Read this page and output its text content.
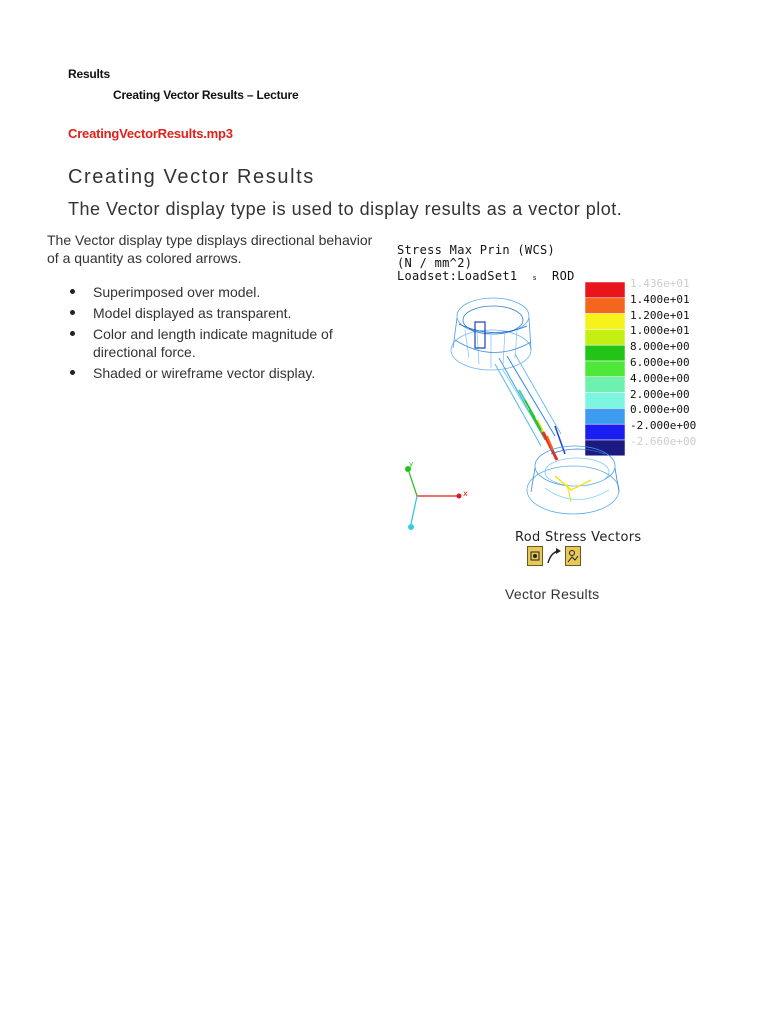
Results
Creating Vector Results – Lecture
CreatingVectorResults.mp3
Creating Vector Results
The Vector display type is used to display results as a vector plot.
The Vector display type displays directional behavior of a quantity as colored arrows.
Superimposed over model.
Model displayed as transparent.
Color and length indicate magnitude of directional force.
Shaded or wireframe vector display.
Stress Max Prin (WCS)
(N / mm^2)
Loadset:LoadSet1 s ROD
x
y
1.436e+01
1.400e+01
1.200e+01
1.000e+01
8.000e+00
6.000e+00
4.000e+00
2.000e+00
0.000e+00
-2.000e+00
-2.660e+00
Rod Stress Vectors
Vector Results
